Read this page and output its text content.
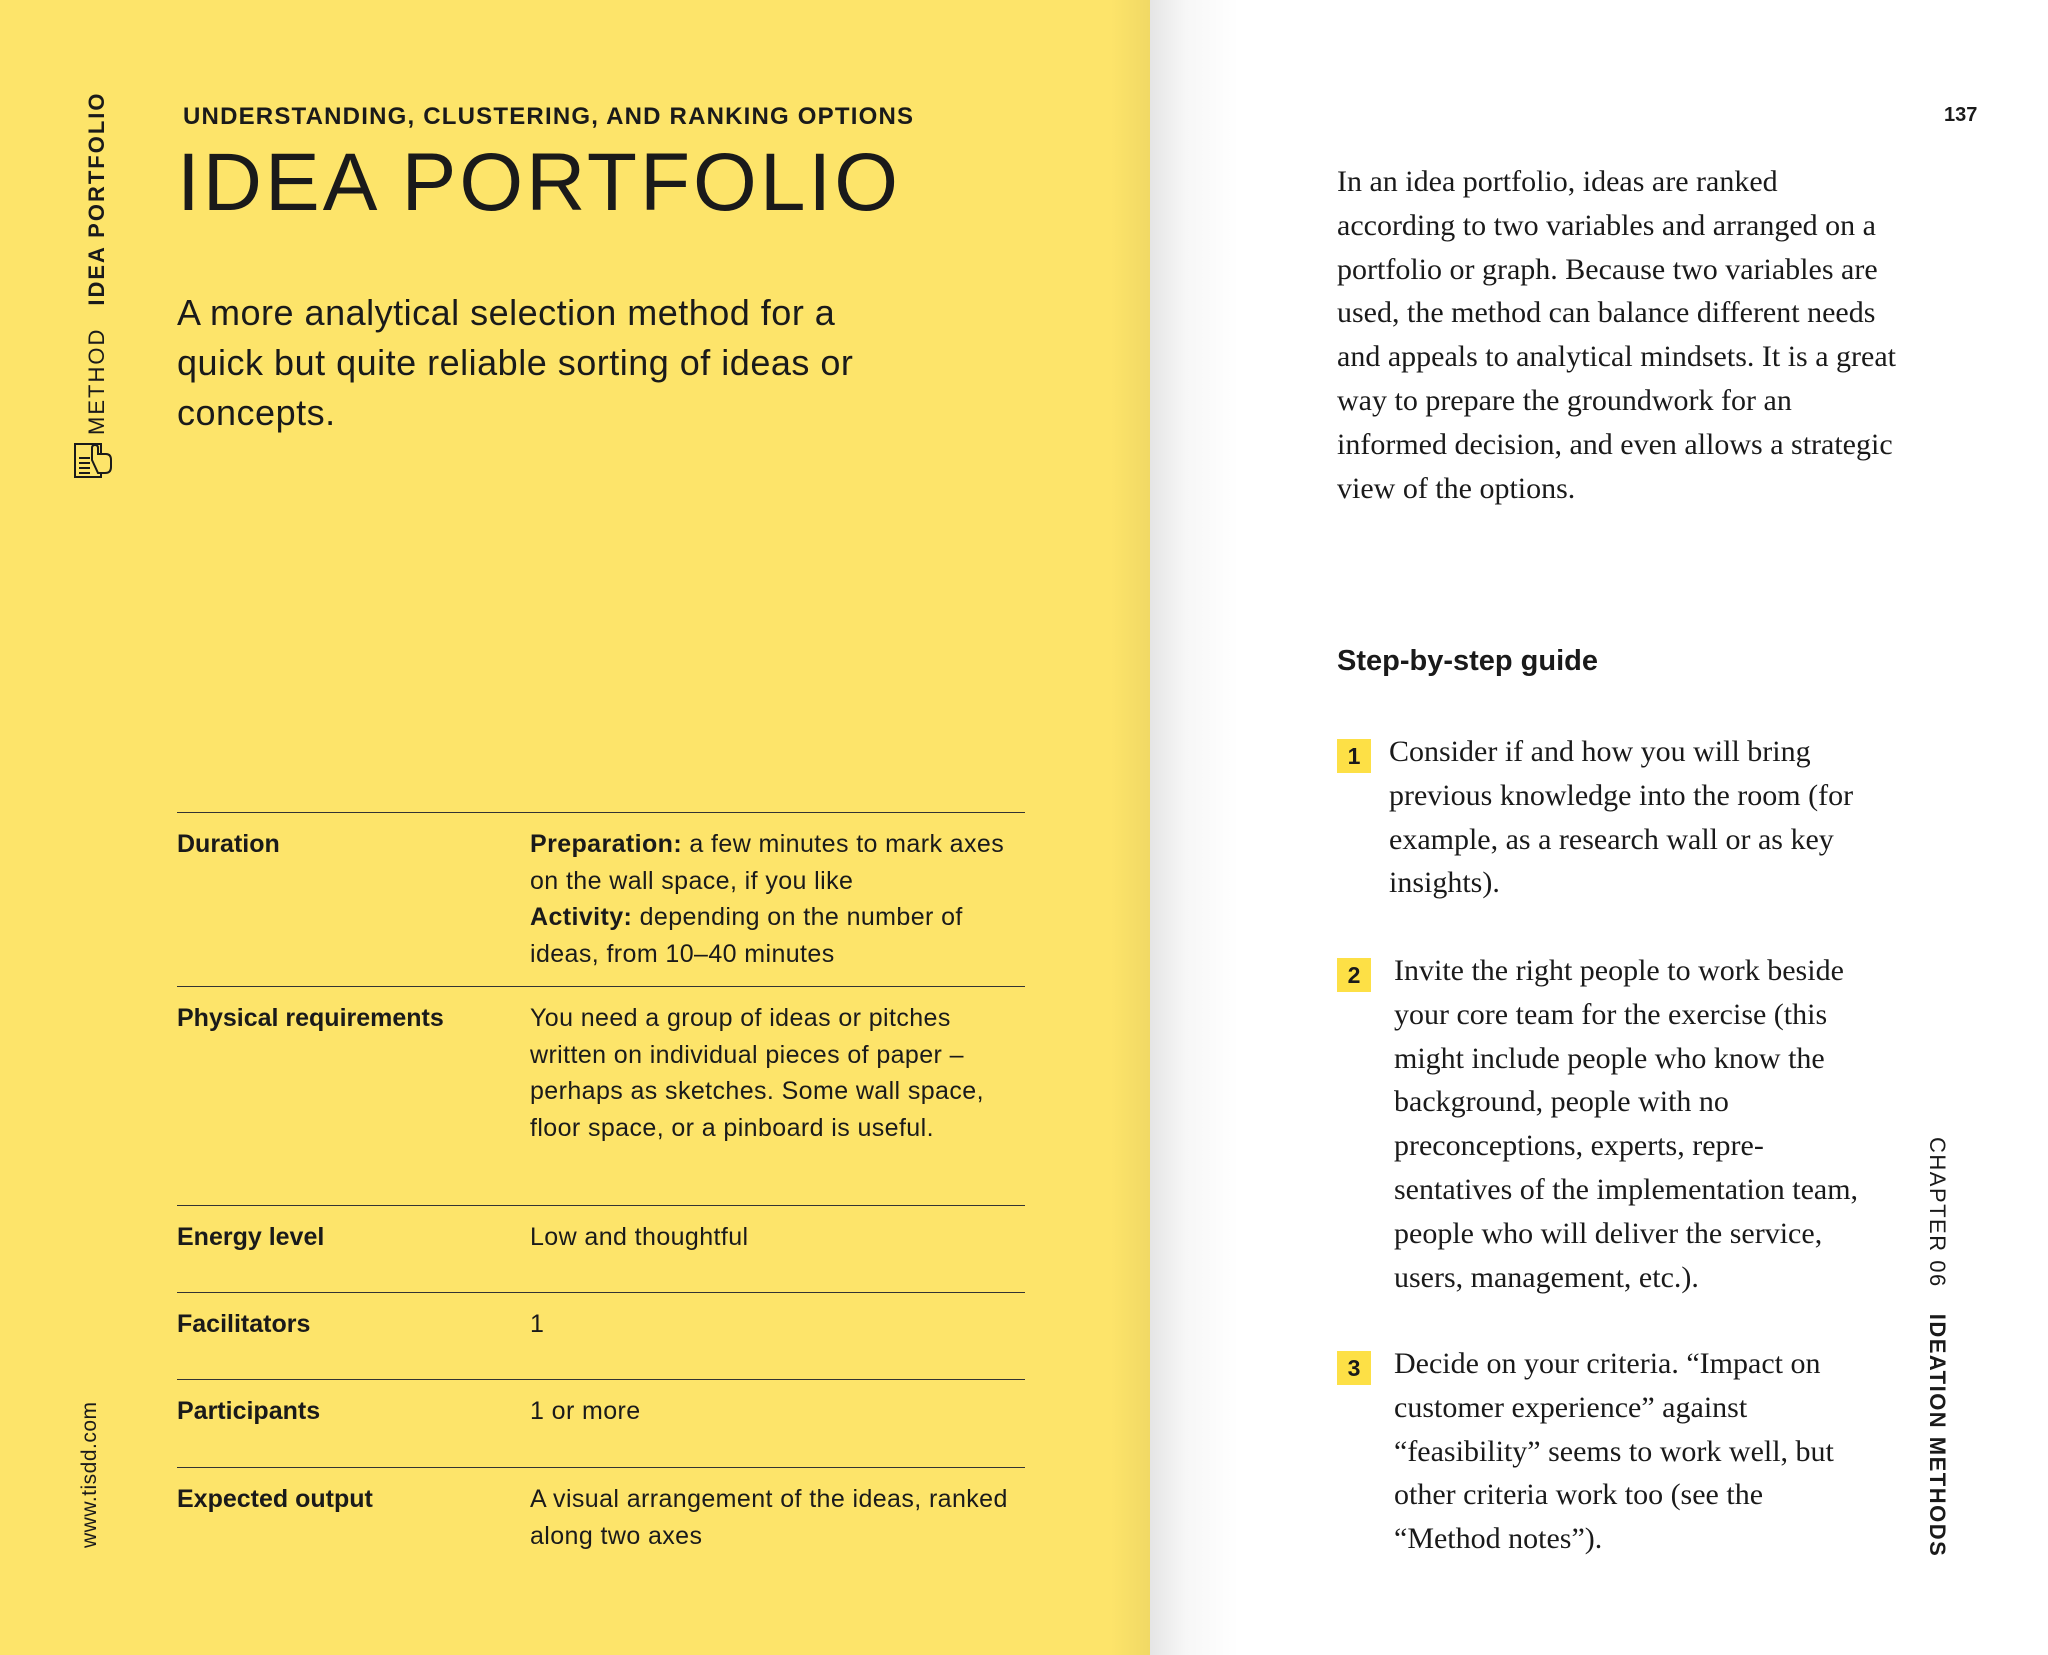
METHODIDEA PORTFOLIO
www.tisdd.com
UNDERSTANDING, CLUSTERING, AND RANKING OPTIONS
IDEA PORTFOLIO

A more analytical selection method for a quick but quite reliable sorting of ideas or concepts.

Duration	Preparation: a few minutes to mark axes on the wall space, if you like
Activity: depending on the number of ideas, from 10–40 minutes
Physical requirements	You need a group of ideas or pitches written on individual pieces of paper – perhaps as sketches. Some wall space, floor space, or a pinboard is useful.
Energy level	Low and thoughtful
Facilitators	1
Participants	1 or more
Expected output	A visual arrangement of the ideas, ranked along two axes
137

In an idea portfolio, ideas are ranked according to two variables and arranged on a portfolio or graph. Because two variables are used, the method can balance different needs and appeals to analytical mindsets. It is a great way to prepare the groundwork for an informed decision, and even allows a strategic view of the options.

Step-by-step guide
1 Consider if and how you will bring previous knowledge into the room (for example, as a research wall or as key insights).

2	Invite the right people to work beside your core team for the exercise (this might include people who know the background, people with no preconceptions, experts, representatives of the implementation team, people who will deliver the service, users, management, etc.).

3	Decide on your criteria. “Impact on customer experience” against “feasibility” seems to work well, but other criteria work too (see the “Method notes”).

CHAPTER 06IDEATION METHODS
